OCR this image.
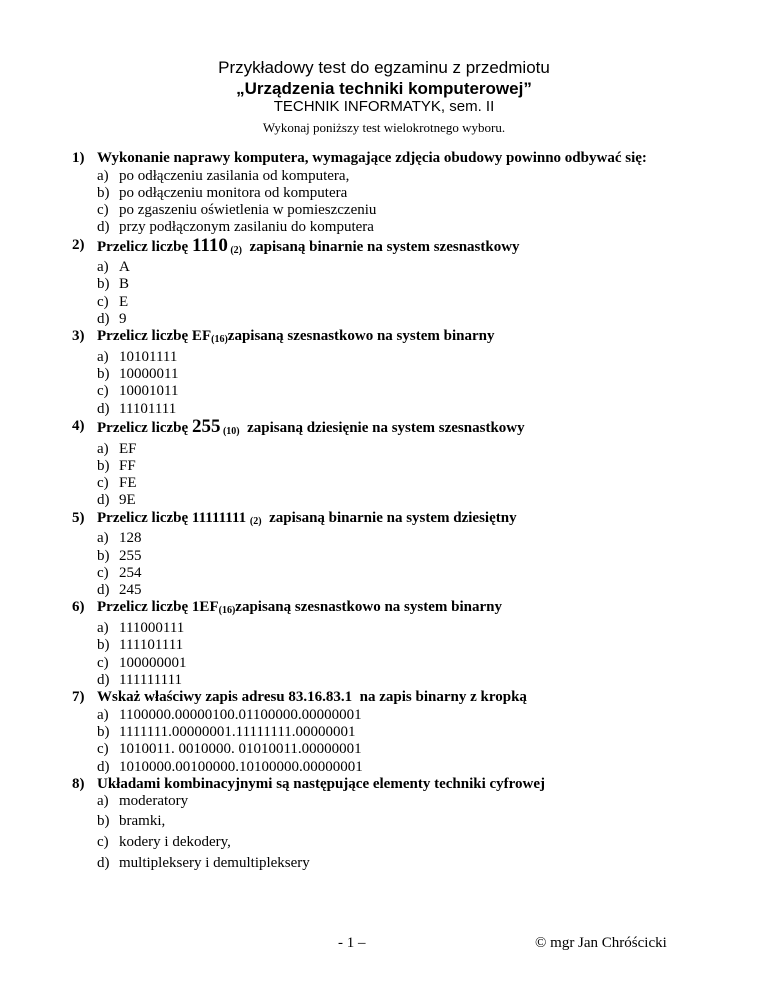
Przykładowy test do egzaminu z przedmiotu
„Urządzenia techniki komputerowej”
TECHNIK INFORMATYK, sem. II
Wykonaj poniższy test wielokrotnego wyboru.
1) Wykonanie naprawy komputera, wymagające zdjęcia obudowy powinno odbywać się:
a) po odłączeniu zasilania od komputera,
b) po odłączeniu monitora od komputera
c) po zgaszeniu oświetlenia w pomieszczeniu
d) przy podłączonym zasilaniu do komputera
2) Przelicz liczbę 1110 $_{(2)}$  zapisaną binarnie na system szesnastkowy
a) A
b) B
c) E
d) 9
3) Przelicz liczbę $EF_{(16)}zapisaną$ szesnastkowo na system binarny
a) 10101111
b) 10000011
c) 10001011
d) 11101111
4) Przelicz liczbę 255 $_{(10)}$  zapisaną dziesięnie na system szesnastkowy
a) EF
b) FF
c) FE
d) 9E
5) Przelicz liczbę 11111111 $_{(2)}$  zapisaną binarnie na system dziesiętny
a) 128
b) 255
c) 254
d) 245
6) Przelicz liczbę $1EF_{(16)}zapisaną$ szesnastkowo na system binarny
a) 111000111
b) 111101111
c) 100000001
d) 111111111
7) Wskaż właściwy zapis adresu 83.16.83.1  na zapis binarny z kropką
a) 1100000.00000100.01100000.00000001
b) 1111111.00000001.11111111.00000001
c) 1010011. 0010000. 01010011.00000001
d) 1010000.00100000.10100000.00000001
8) Układami kombinacyjnymi są następujące elementy techniki cyfrowej
a) moderatory
b) bramki,
c) kodery i dekodery,
d) multipleksery i demultipleksery
- 1 –	© mgr Jan Chróścicki
